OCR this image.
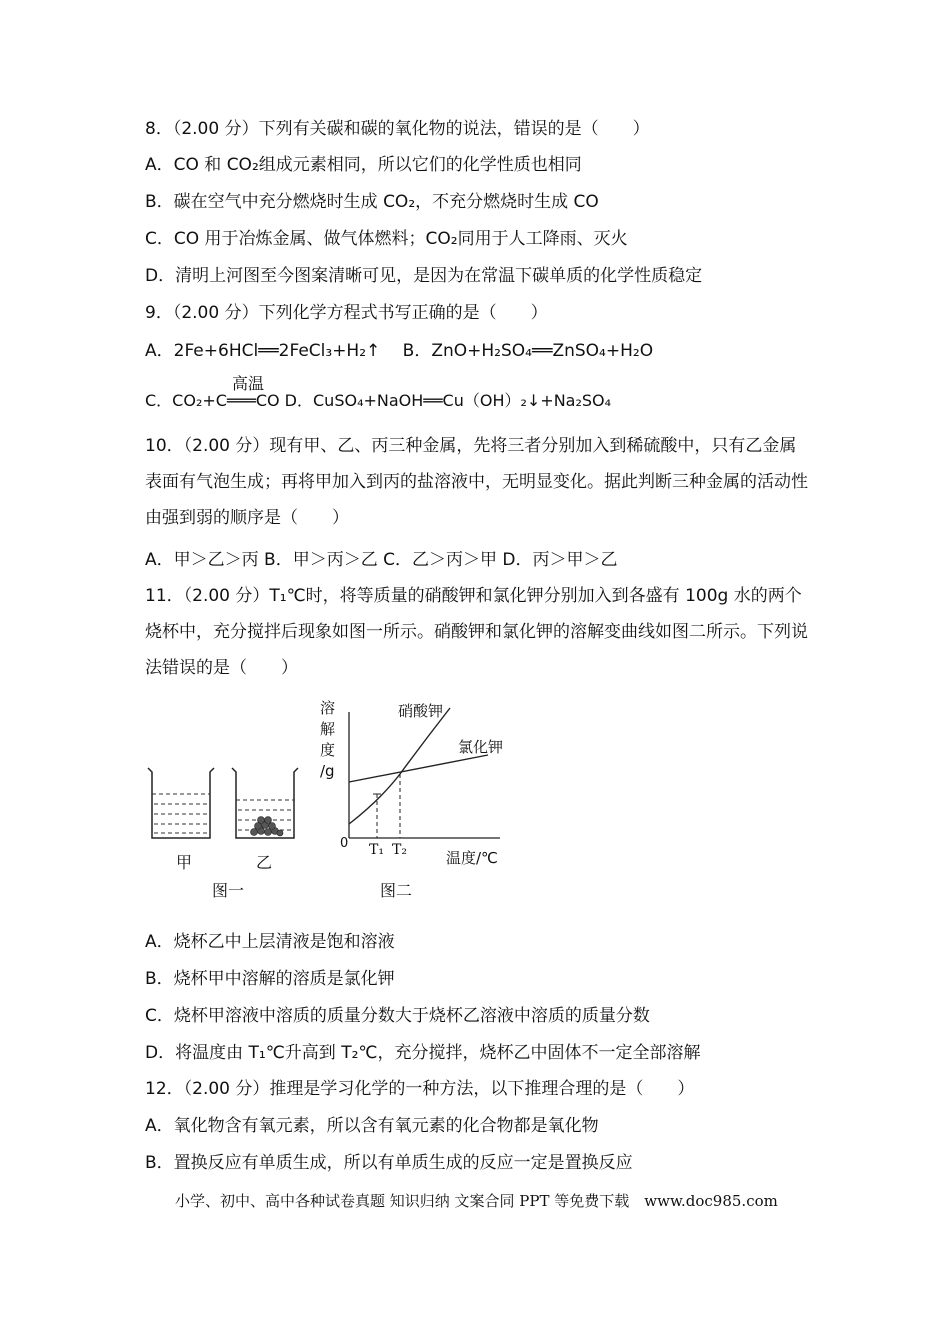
8．（2.00 分）下列有关碳和碳的氧化物的说法，错误的是（　　）
A．CO 和 CO₂组成元素相同，所以它们的化学性质也相同
B．碳在空气中充分燃烧时生成 CO₂，不充分燃烧时生成 CO
C．CO 用于冶炼金属、做气体燃料；CO₂同用于人工降雨、灭火
D．清明上河图至今图案清晰可见，是因为在常温下碳单质的化学性质稳定
9．（2.00 分）下列化学方程式书写正确的是（　　）
A．2Fe+6HCl══2FeCl₃+H₂↑　 B．ZnO+H₂SO₄══ZnSO₄+H₂O
高温
C．CO₂+C═══CO D．CuSO₄+NaOH══Cu（OH）₂↓+Na₂SO₄
10．（2.00 分）现有甲、乙、丙三种金属，先将三者分别加入到稀硫酸中，只有乙金属表面有气泡生成；再将甲加入到丙的盐溶液中，无明显变化。据此判断三种金属的活动性由强到弱的顺序是（　　）
A．甲＞乙＞丙 B．甲＞丙＞乙 C．乙＞丙＞甲 D．丙＞甲＞乙
11．（2.00 分）T₁℃时，将等质量的硝酸钾和氯化钾分别加入到各盛有 100g 水的两个烧杯中，充分搅拌后现象如图一所示。硝酸钾和氯化钾的溶解变曲线如图二所示。下列说法错误的是（　　）
甲	乙
图一	图二
溶
解
度
/g
0 T₁ T₂	温度/℃
硝酸钾
氯化钾
A．烧杯乙中上层清液是饱和溶液
B．烧杯甲中溶解的溶质是氯化钾
C．烧杯甲溶液中溶质的质量分数大于烧杯乙溶液中溶质的质量分数
D．将温度由 T₁℃升高到 T₂℃，充分搅拌，烧杯乙中固体不一定全部溶解
12．（2.00 分）推理是学习化学的一种方法，以下推理合理的是（　　）
A．氧化物含有氧元素，所以含有氧元素的化合物都是氧化物
B．置换反应有单质生成，所以有单质生成的反应一定是置换反应
小学、初中、高中各种试卷真题 知识归纳 文案合同 PPT 等免费下载　www.doc985.com
